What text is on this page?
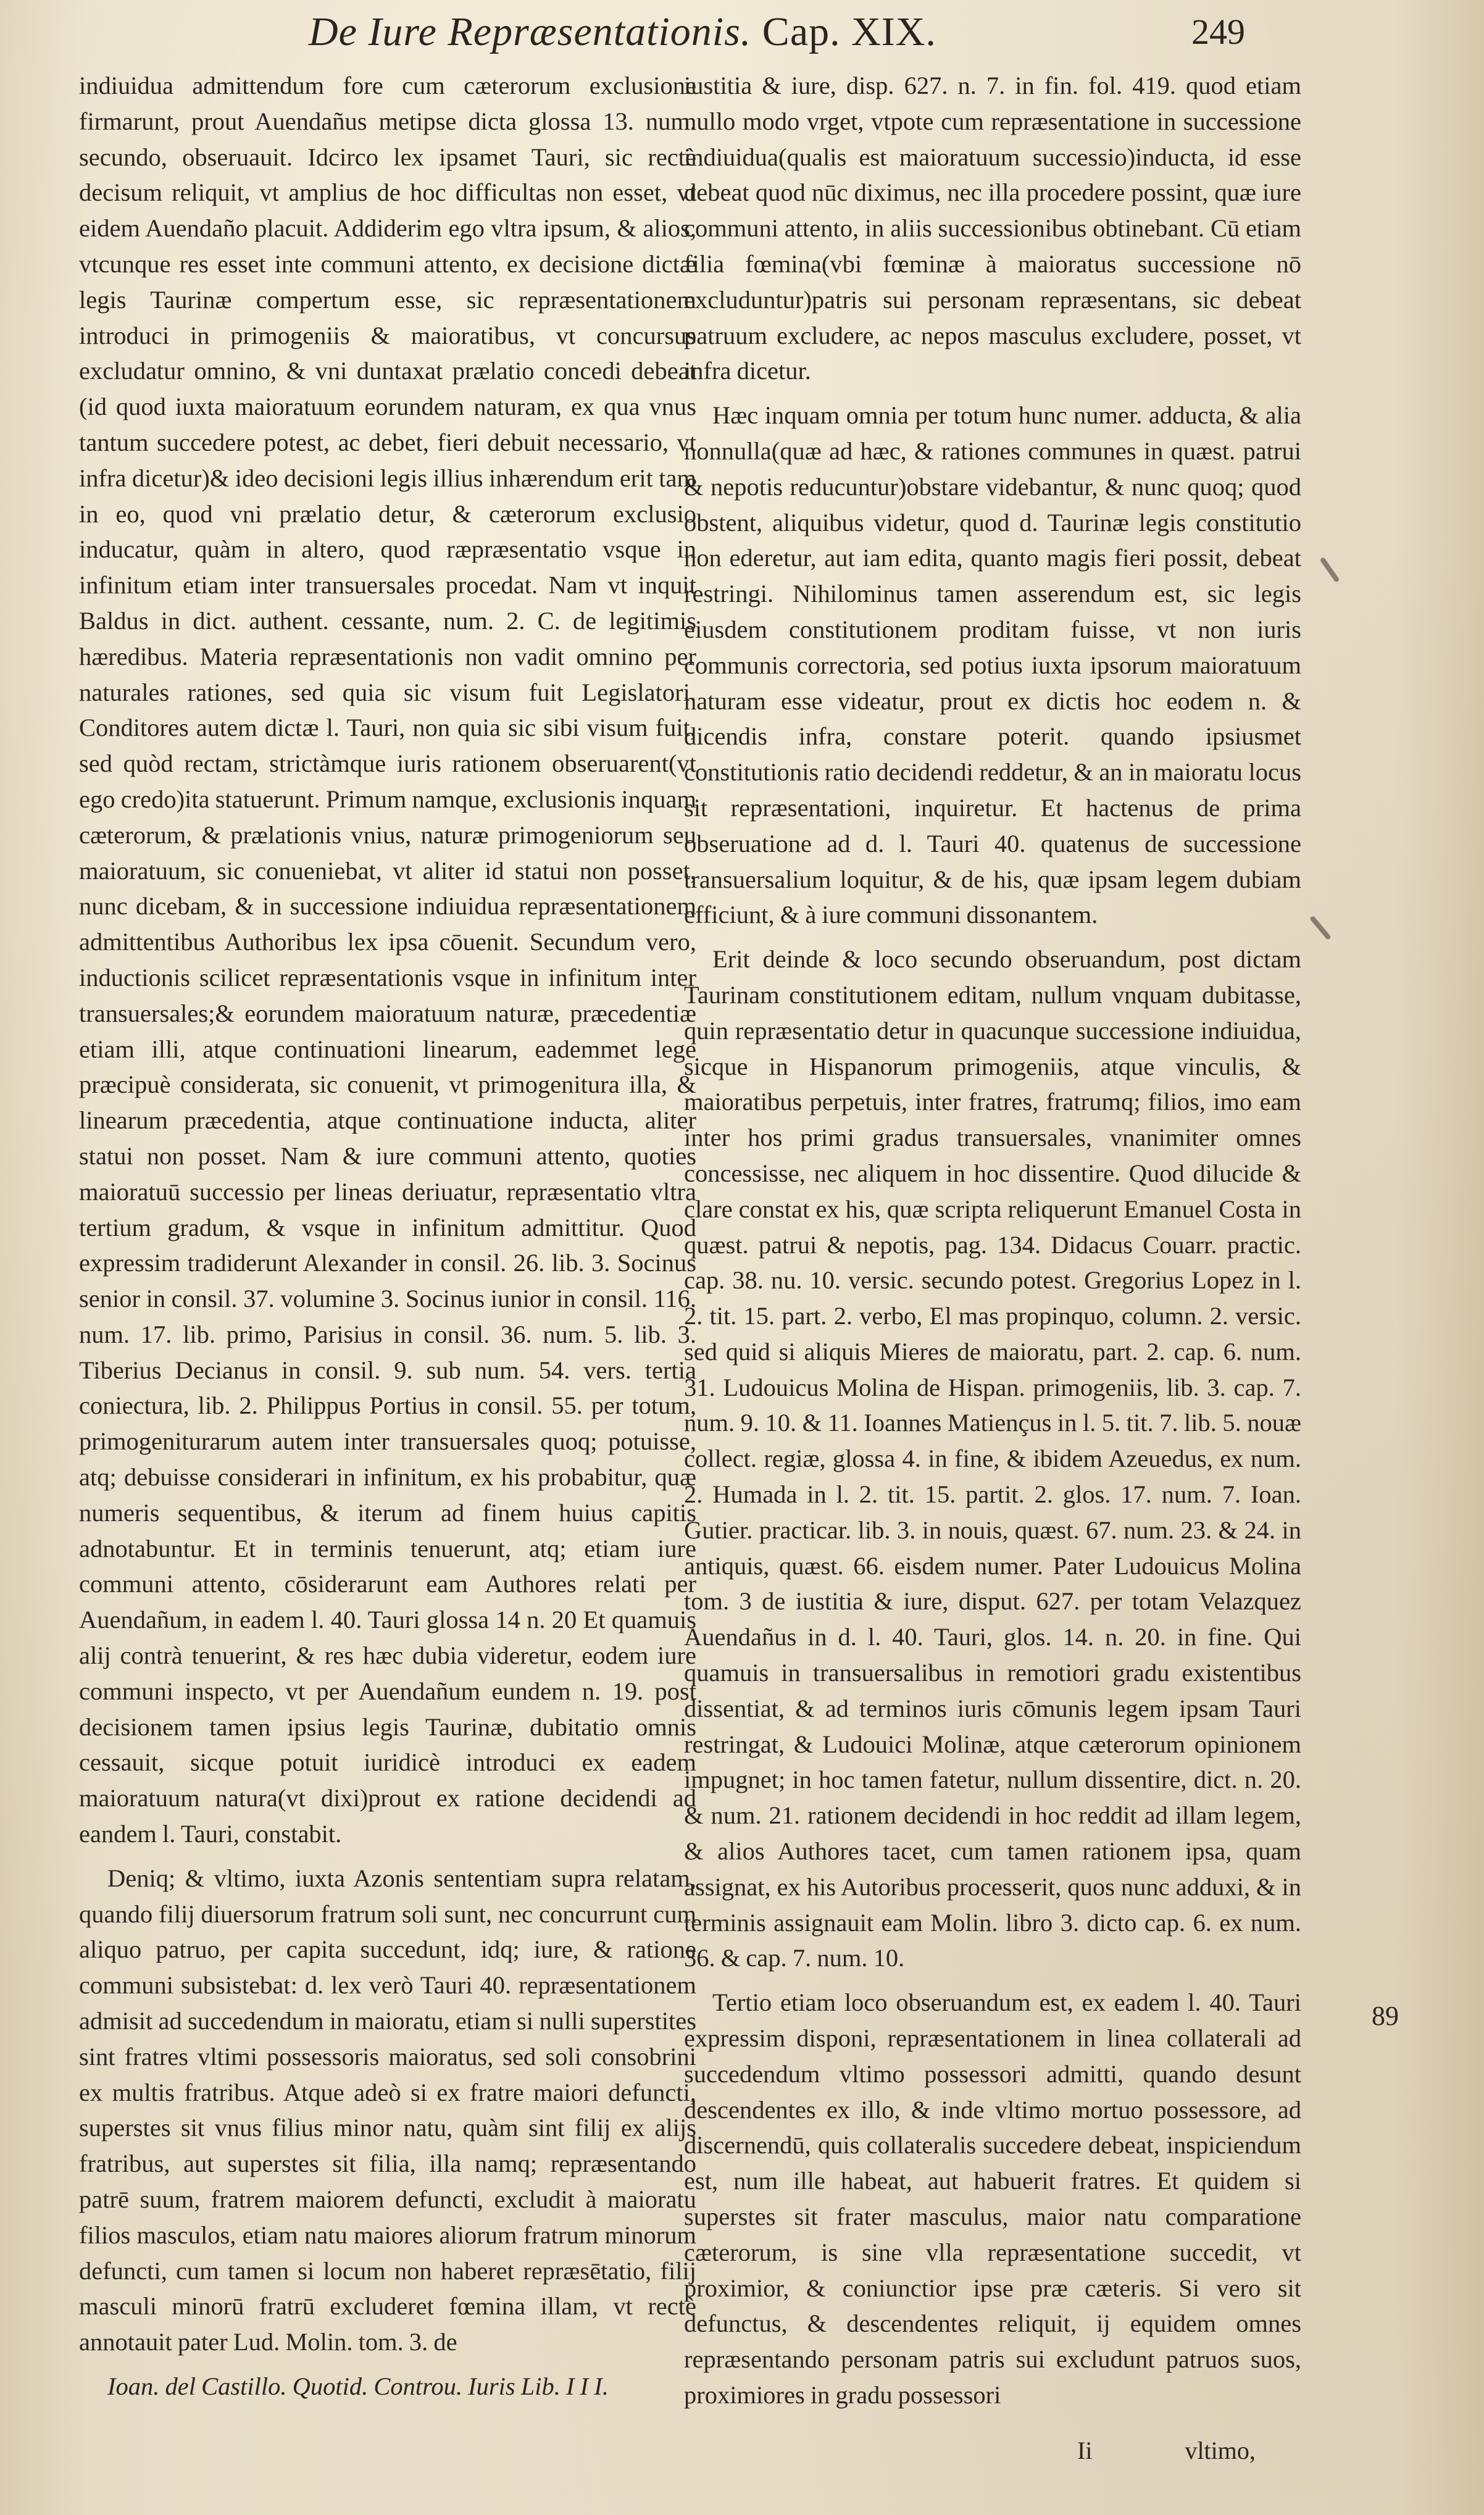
De Iure Repræsentationis. Cap. XIX.	249

indiuidua admittendum fore cum cæterorum exclusione firmarunt, prout Auendañus metipse dicta glossa 13. num. secundo, obseruauit. Idcirco lex ipsamet Tauri, sic rectè decisum reliquit, vt amplius de hoc difficultas non esset, vt eidem Auendaño placuit. Addiderim ego vltra ipsum, & alios, vtcunque res esset inte communi attento, ex decisione dictæ legis Taurinæ compertum esse, sic repræsentationem introduci in primogeniis & maioratibus, vt concursus excludatur omnino, & vni duntaxat prælatio concedi debeat (id quod iuxta maioratuum eorundem naturam, ex qua vnus tantum succedere potest, ac debet, fieri debuit necessario, vt infra dicetur)& ideo decisioni legis illius inhærendum erit tam in eo, quod vni prælatio detur, & cæterorum exclusio inducatur, quàm in altero, quod ræpræsentatio vsque in infinitum etiam inter transuersales procedat. Nam vt inquit Baldus in dict. authent. cessante, num. 2. C. de legitimis hæredibus. Materia repræsentationis non vadit omnino per naturales rationes, sed quia sic visum fuit Legislatori. Conditores autem dictæ l. Tauri, non quia sic sibi visum fuit, sed quòd rectam, strictàmque iuris rationem obseruarent(vt ego credo)ita statuerunt. Primum namque, exclusionis inquam cæterorum, & prælationis vnius, naturæ primogeniorum seu maioratuum, sic conueniebat, vt aliter id statui non posset, nunc dicebam, & in successione indiuidua repræsentationem admittentibus Authoribus lex ipsa cōuenit. Secundum vero, inductionis scilicet repræsentationis vsque in infinitum inter transuersales;& eorundem maioratuum naturæ, præcedentiæ etiam illi, atque continuationi linearum, eademmet lege præcipuè considerata, sic conuenit, vt primogenitura illa, & linearum præcedentia, atque continuatione inducta, aliter statui non posset. Nam & iure communi attento, quoties maioratuū successio per lineas deriuatur, repræsentatio vltra tertium gradum, & vsque in infinitum admittitur. Quod expressim tradiderunt Alexander in consil. 26. lib. 3. Socinus senior in consil. 37. volumine 3. Socinus iunior in consil. 116. num. 17. lib. primo, Parisius in consil. 36. num. 5. lib. 3. Tiberius Decianus in consil. 9. sub num. 54. vers. tertia coniectura, lib. 2. Philippus Portius in consil. 55. per totum, primogeniturarum autem inter transuersales quoq; potuisse, atq; debuisse considerari in infinitum, ex his probabitur, quæ numeris sequentibus, & iterum ad finem huius capitis adnotabuntur. Et in terminis tenuerunt, atq; etiam iure communi attento, cōsiderarunt eam Authores relati per Auendañum, in eadem l. 40. Tauri glossa 14 n. 20 Et quamuis alij contrà tenuerint, & res hæc dubia videretur, eodem iure communi inspecto, vt per Auendañum eundem n. 19. post decisionem tamen ipsius legis Taurinæ, dubitatio omnis cessauit, sicque potuit iuridicè introduci ex eadem maioratuum natura(vt dixi)prout ex ratione decidendi ad eandem l. Tauri, constabit.

Deniq; & vltimo, iuxta Azonis sententiam supra relatam, quando filij diuersorum fratrum soli sunt, nec concurrunt cum aliquo patruo, per capita succedunt, idq; iure, & ratione communi subsistebat: d. lex verò Tauri 40. repræsentationem admisit ad succedendum in maioratu, etiam si nulli superstites sint fratres vltimi possessoris maioratus, sed soli consobrini ex multis fratribus. Atque adeò si ex fratre maiori defuncti, superstes sit vnus filius minor natu, quàm sint filij ex alijs fratribus, aut superstes sit filia, illa namq; repræsentando patrē suum, fratrem maiorem defuncti, excludit à maioratu filios masculos, etiam natu maiores aliorum fratrum minorum defuncti, cum tamen si locum non haberet repræsētatio, filij masculi minorū fratrū excluderet fœmina illam, vt rectè annotauit pater Lud. Molin. tom. 3. de

Ioan. del Castillo. Quotid. Controu. Iuris Lib. I I I.

iustitia & iure, disp. 627. n. 7. in fin. fol. 419. quod etiam nullo modo vrget, vtpote cum repræsentatione in successione indiuidua(qualis est maioratuum successio)inducta, id esse debeat quod nūc diximus, nec illa procedere possint, quæ iure communi attento, in aliis successionibus obtinebant. Cū etiam filia fœmina(vbi fœminæ à maioratus successione nō excluduntur)patris sui personam repræsentans, sic debeat patruum excludere, ac nepos masculus excludere, posset, vt infra dicetur.

Hæc inquam omnia per totum hunc numer. adducta, & alia nonnulla(quæ ad hæc, & rationes communes in quæst. patrui & nepotis reducuntur)obstare videbantur, & nunc quoq; quod obstent, aliquibus videtur, quod d. Taurinæ legis constitutio non ederetur, aut iam edita, quanto magis fieri possit, debeat restringi. Nihilominus tamen asserendum est, sic legis eiusdem constitutionem proditam fuisse, vt non iuris communis correctoria, sed potius iuxta ipsorum maioratuum naturam esse videatur, prout ex dictis hoc eodem n. & dicendis infra, constare poterit. quando ipsiusmet constitutionis ratio decidendi reddetur, & an in maioratu locus sit repræsentationi, inquiretur. Et hactenus de prima obseruatione ad d. l. Tauri 40. quatenus de successione transuersalium loquitur, & de his, quæ ipsam legem dubiam efficiunt, & à iure communi dissonantem.

Erit deinde & loco secundo obseruandum, post dictam Taurinam constitutionem editam, nullum vnquam dubitasse, quin repræsentatio detur in quacunque successione indiuidua, sicque in Hispanorum primogeniis, atque vinculis, & maioratibus perpetuis, inter fratres, fratrumq; filios, imo eam inter hos primi gradus transuersales, vnanimiter omnes concessisse, nec aliquem in hoc dissentire. Quod dilucide & clare constat ex his, quæ scripta reliquerunt Emanuel Costa in quæst. patrui & nepotis, pag. 134. Didacus Couarr. practic. cap. 38. nu. 10. versic. secundo potest. Gregorius Lopez in l. 2. tit. 15. part. 2. verbo, El mas propinquo, column. 2. versic. sed quid si aliquis Mieres de maioratu, part. 2. cap. 6. num. 31. Ludouicus Molina de Hispan. primogeniis, lib. 3. cap. 7. num. 9. 10. & 11. Ioannes Matiençus in l. 5. tit. 7. lib. 5. nouæ collect. regiæ, glossa 4. in fine, & ibidem Azeuedus, ex num. 2. Humada in l. 2. tit. 15. partit. 2. glos. 17. num. 7. Ioan. Gutier. practicar. lib. 3. in nouis, quæst. 67. num. 23. & 24. in antiquis, quæst. 66. eisdem numer. Pater Ludouicus Molina tom. 3 de iustitia & iure, disput. 627. per totam Velazquez Auendañus in d. l. 40. Tauri, glos. 14. n. 20. in fine. Qui quamuis in transuersalibus in remotiori gradu existentibus dissentiat, & ad terminos iuris cōmunis legem ipsam Tauri restringat, & Ludouici Molinæ, atque cæterorum opinionem impugnet; in hoc tamen fatetur, nullum dissentire, dict. n. 20. & num. 21. rationem decidendi in hoc reddit ad illam legem, & alios Authores tacet, cum tamen rationem ipsa, quam assignat, ex his Autoribus processerit, quos nunc adduxi, & in terminis assignauit eam Molin. libro 3. dicto cap. 6. ex num. 36. & cap. 7. num. 10.

Tertio etiam loco obseruandum est, ex eadem l. 40. Tauri expressim disponi, repræsentationem in linea collaterali ad succedendum vltimo possessori admitti, quando desunt descendentes ex illo, & inde vltimo mortuo possessore, ad discernendū, quis collateralis succedere debeat, inspiciendum est, num ille habeat, aut habuerit fratres. Et quidem si superstes sit frater masculus, maior natu comparatione cæterorum, is sine vlla repræsentatione succedit, vt proximior, & coniunctior ipse præ cæteris. Si vero sit defunctus, & descendentes reliquit, ij equidem omnes repræsentando personam patris sui excludunt patruos suos, proximiores in gradu possessori

89
Ii	vltimo,
